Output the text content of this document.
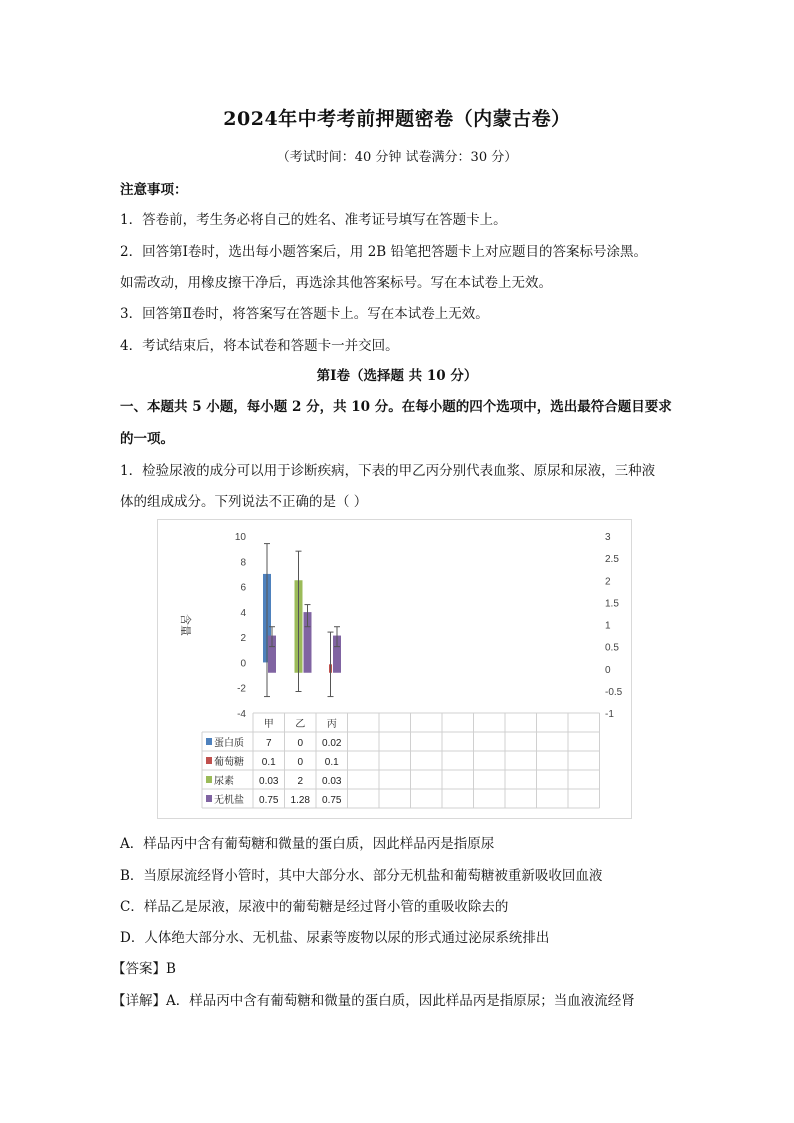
2024年中考考前押题密卷（内蒙古卷）
（考试时间：40 分钟 试卷满分：30 分）
注意事项：
1．答卷前，考生务必将自己的姓名、准考证号填写在答题卡上。
2．回答第Ⅰ卷时，选出每小题答案后，用 2B 铅笔把答题卡上对应题目的答案标号涂黑。
如需改动，用橡皮擦干净后，再选涂其他答案标号。写在本试卷上无效。
3．回答第Ⅱ卷时，将答案写在答题卡上。写在本试卷上无效。
4．考试结束后，将本试卷和答题卡一并交回。
第Ⅰ卷（选择题 共 10 分）
一、本题共 5 小题，每小题 2 分，共 10 分。在每小题的四个选项中，选出最符合题目要求
的一项。
1．检验尿液的成分可以用于诊断疾病，下表的甲乙丙分别代表血浆、原尿和尿液，三种液
体的组成成分。下列说法不正确的是（ ）
10
8
6
4
2
0
-2
-4
3
2.5
2
1.5
1
0.5
0
-0.5
-1
含量
甲 乙 丙
蛋白质 7	0 0.02
葡萄糖 0.1 0 0.1
尿素	0.03 2 0.03
无机盐 0.75 1.28 0.75
A．样品丙中含有葡萄糖和微量的蛋白质，因此样品丙是指原尿
B．当原尿流经肾小管时，其中大部分水、部分无机盐和葡萄糖被重新吸收回血液
C．样品乙是尿液，尿液中的葡萄糖是经过肾小管的重吸收除去的
D．人体绝大部分水、无机盐、尿素等废物以尿的形式通过泌尿系统排出
【答案】B
【详解】A．样品丙中含有葡萄糖和微量的蛋白质，因此样品丙是指原尿；当血液流经肾
